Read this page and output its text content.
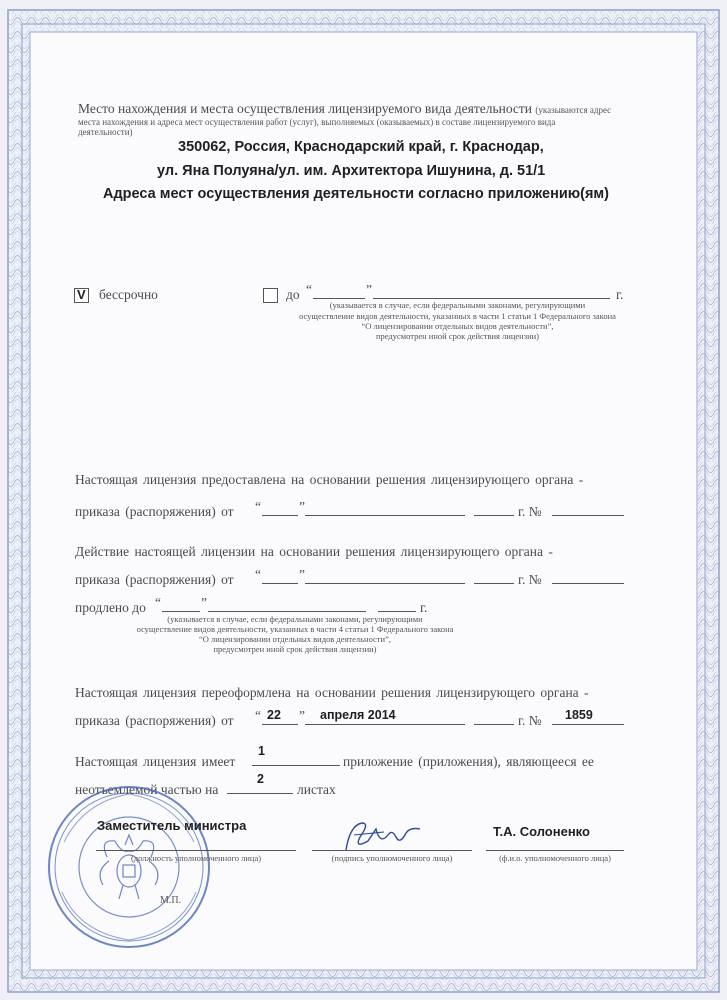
Место нахождения и места осуществления лицензируемого вида деятельности (указываются адрес
места нахождения и адреса мест осуществления работ (услуг), выполняемых (оказываемых) в составе лицензируемого вида
деятельности)
350062, Россия, Краснодарский край, г. Краснодар,
ул. Яна Полуяна/ул. им. Архитектора Ишунина, д. 51/1
Адреса мест осуществления деятельности согласно приложению(ям)
V бессрочно	до “	”	г.
(указывается в случае, если федеральными законами, регулирующими
осуществление видов деятельности, указанных в части 1 статьи 1 Федерального закона
“О лицензировании отдельных видов деятельности”,
предусмотрен иной срок действия лицензии)
Настоящая лицензия предоставлена на основании решения лицензирующего органа -
приказа (распоряжения) от “	”	г. №
Действие настоящей лицензии на основании решения лицензирующего органа -
приказа (распоряжения) от “	”	г. №
продлено до “	”	г.
(указывается в случае, если федеральными законами, регулирующими
осуществление видов деятельности, указанных в части 4 статьи 1 Федерального закона
“О лицензировании отдельных видов деятельности”,
предусмотрен иной срок действия лицензии)
Настоящая лицензия переоформлена на основании решения лицензирующего органа -
приказа (распоряжения) от “ 22 ” апреля 2014	г. № 1859
Настоящая лицензия имеет
1
приложение (приложения), являющееся ее
неотъемлемой частью на
2
листах
Заместитель министра
(должность уполномоченного лица)	(подпись уполномоченного лица)
Т.А. Солоненко
(ф.и.о. уполномоченного лица)
М.П.
